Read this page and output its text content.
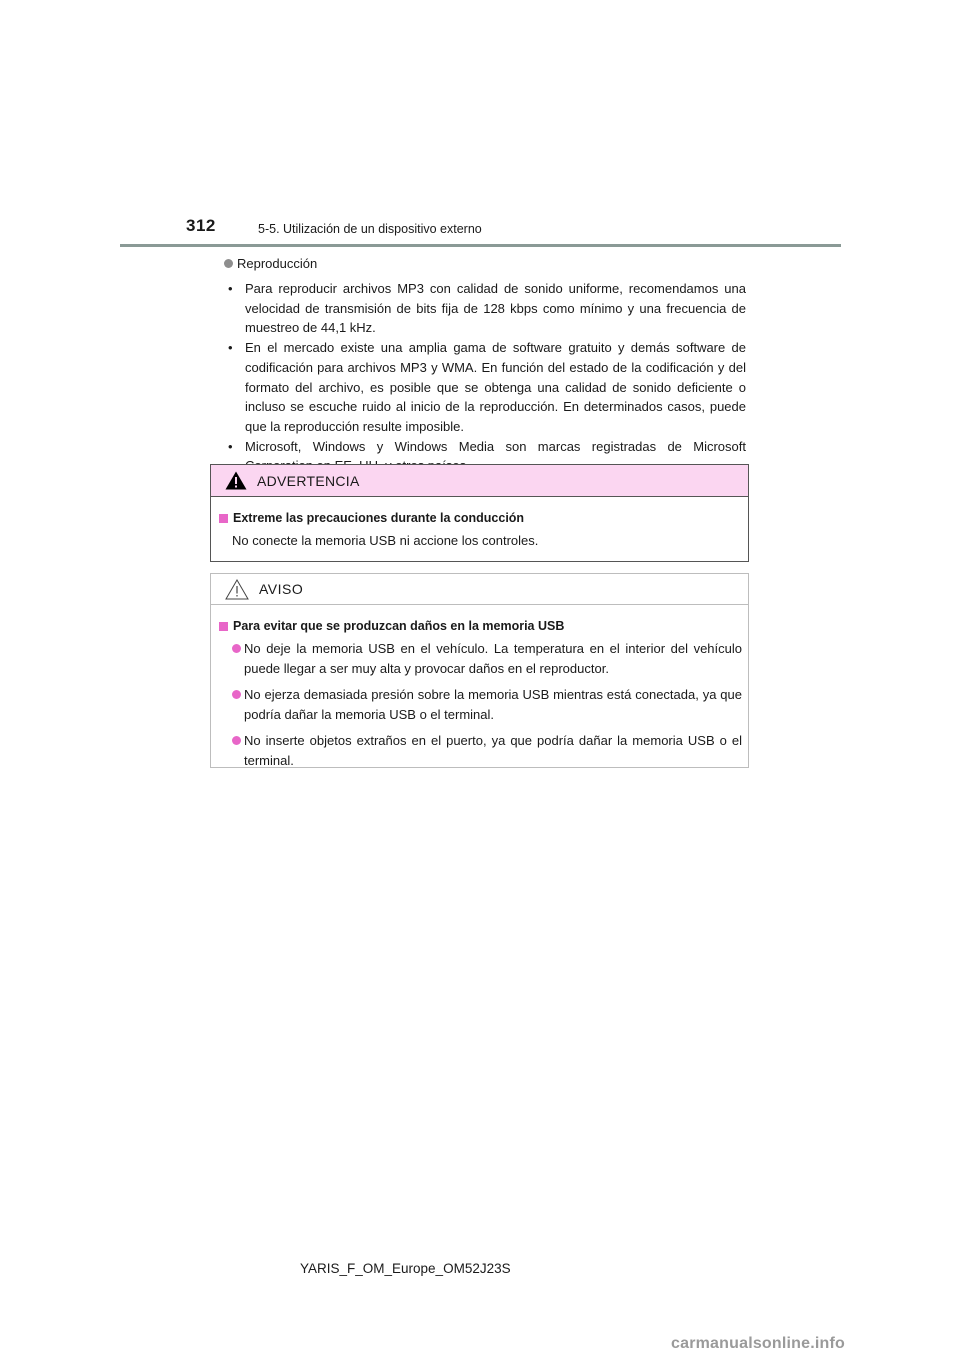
312	5-5. Utilización de un dispositivo externo
Reproducción
• Para reproducir archivos MP3 con calidad de sonido uniforme, recomendamos una velocidad de transmisión de bits fija de 128 kbps como mínimo y una frecuencia de muestreo de 44,1 kHz.
• En el mercado existe una amplia gama de software gratuito y demás software de codificación para archivos MP3 y WMA. En función del estado de la codificación y del formato del archivo, es posible que se obtenga una calidad de sonido deficiente o incluso se escuche ruido al inicio de la reproducción. En determinados casos, puede que la reproducción resulte imposible.
• Microsoft, Windows y Windows Media son marcas registradas de Microsoft
ADVERTENCIA
Extreme las precauciones durante la conducción
No conecte la memoria USB ni accione los controles.
AVISO
Para evitar que se produzcan daños en la memoria USB
No deje la memoria USB en el vehículo. La temperatura en el interior del vehículo puede llegar a ser muy alta y provocar daños en el reproductor.
No ejerza demasiada presión sobre la memoria USB mientras está conectada, ya que podría dañar la memoria USB o el terminal.
No inserte objetos extraños en el puerto, ya que podría dañar la memoria USB o el terminal.
YARIS_F_OM_Europe_OM52J23S
carmanualsonline.info
